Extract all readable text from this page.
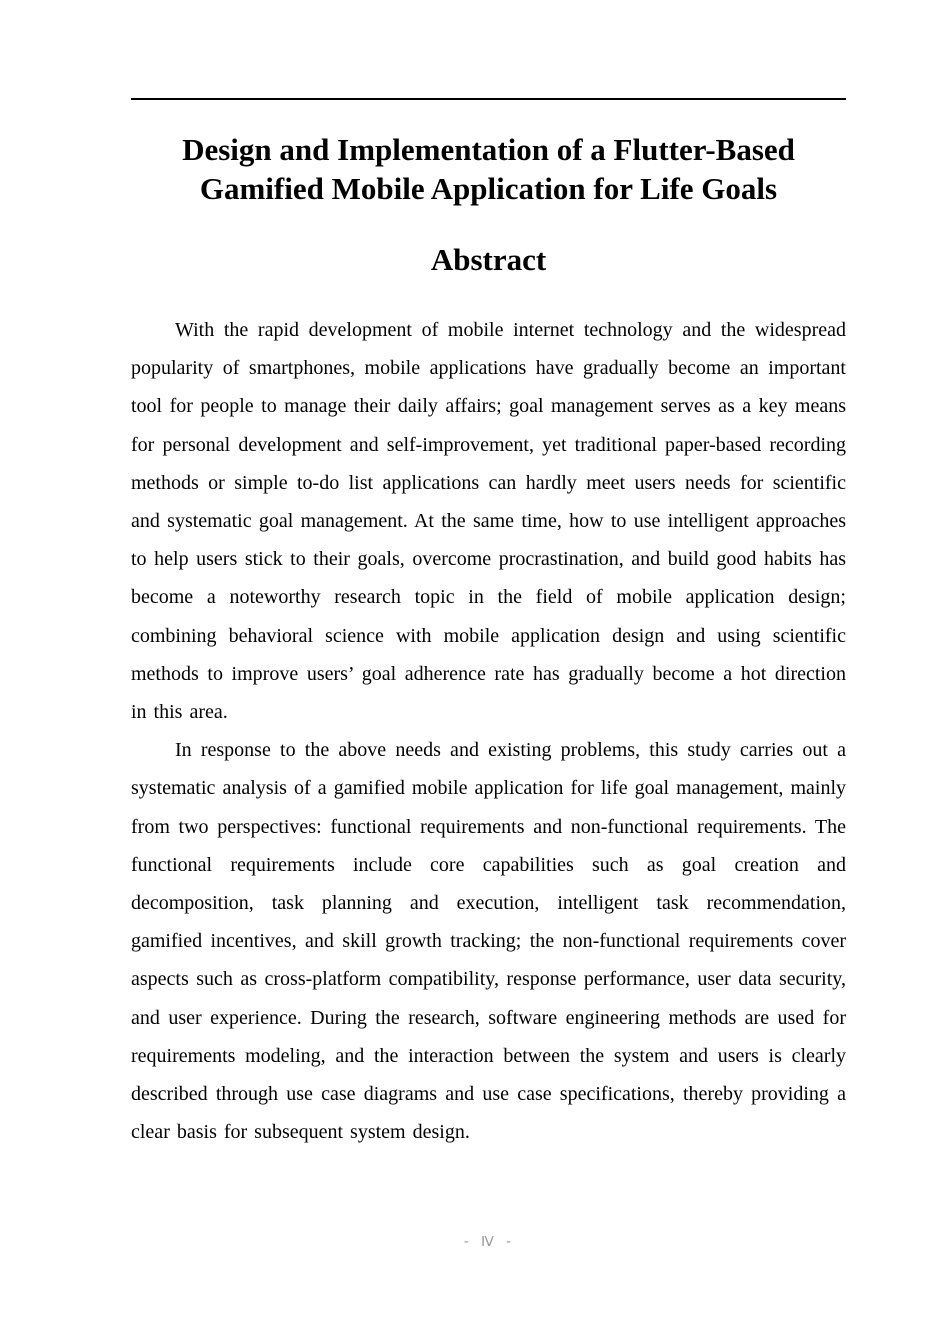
Design and Implementation of a Flutter-Based Gamified Mobile Application for Life Goals
Abstract

With the rapid development of mobile internet technology and the widespread popularity of smartphones, mobile applications have gradually become an important tool for people to manage their daily affairs; goal management serves as a key means for personal development and self-improvement, yet traditional paper-based recording methods or simple to-do list applications can hardly meet users needs for scientific and systematic goal management. At the same time, how to use intelligent approaches to help users stick to their goals, overcome procrastination, and build good habits has become a noteworthy research topic in the field of mobile application design; combining behavioral science with mobile application design and using scientific methods to improve users’ goal adherence rate has gradually become a hot direction in this area.

In response to the above needs and existing problems, this study carries out a systematic analysis of a gamified mobile application for life goal management, mainly from two perspectives: functional requirements and non-functional requirements. The functional requirements include core capabilities such as goal creation and decomposition, task planning and execution, intelligent task recommendation, gamified incentives, and skill growth tracking; the non-functional requirements cover aspects such as cross-platform compatibility, response performance, user data security, and user experience. During the research, software engineering methods are used for requirements modeling, and the interaction between the system and users is clearly described through use case diagrams and use case specifications, thereby providing a clear basis for subsequent system design.

- Ⅳ -
